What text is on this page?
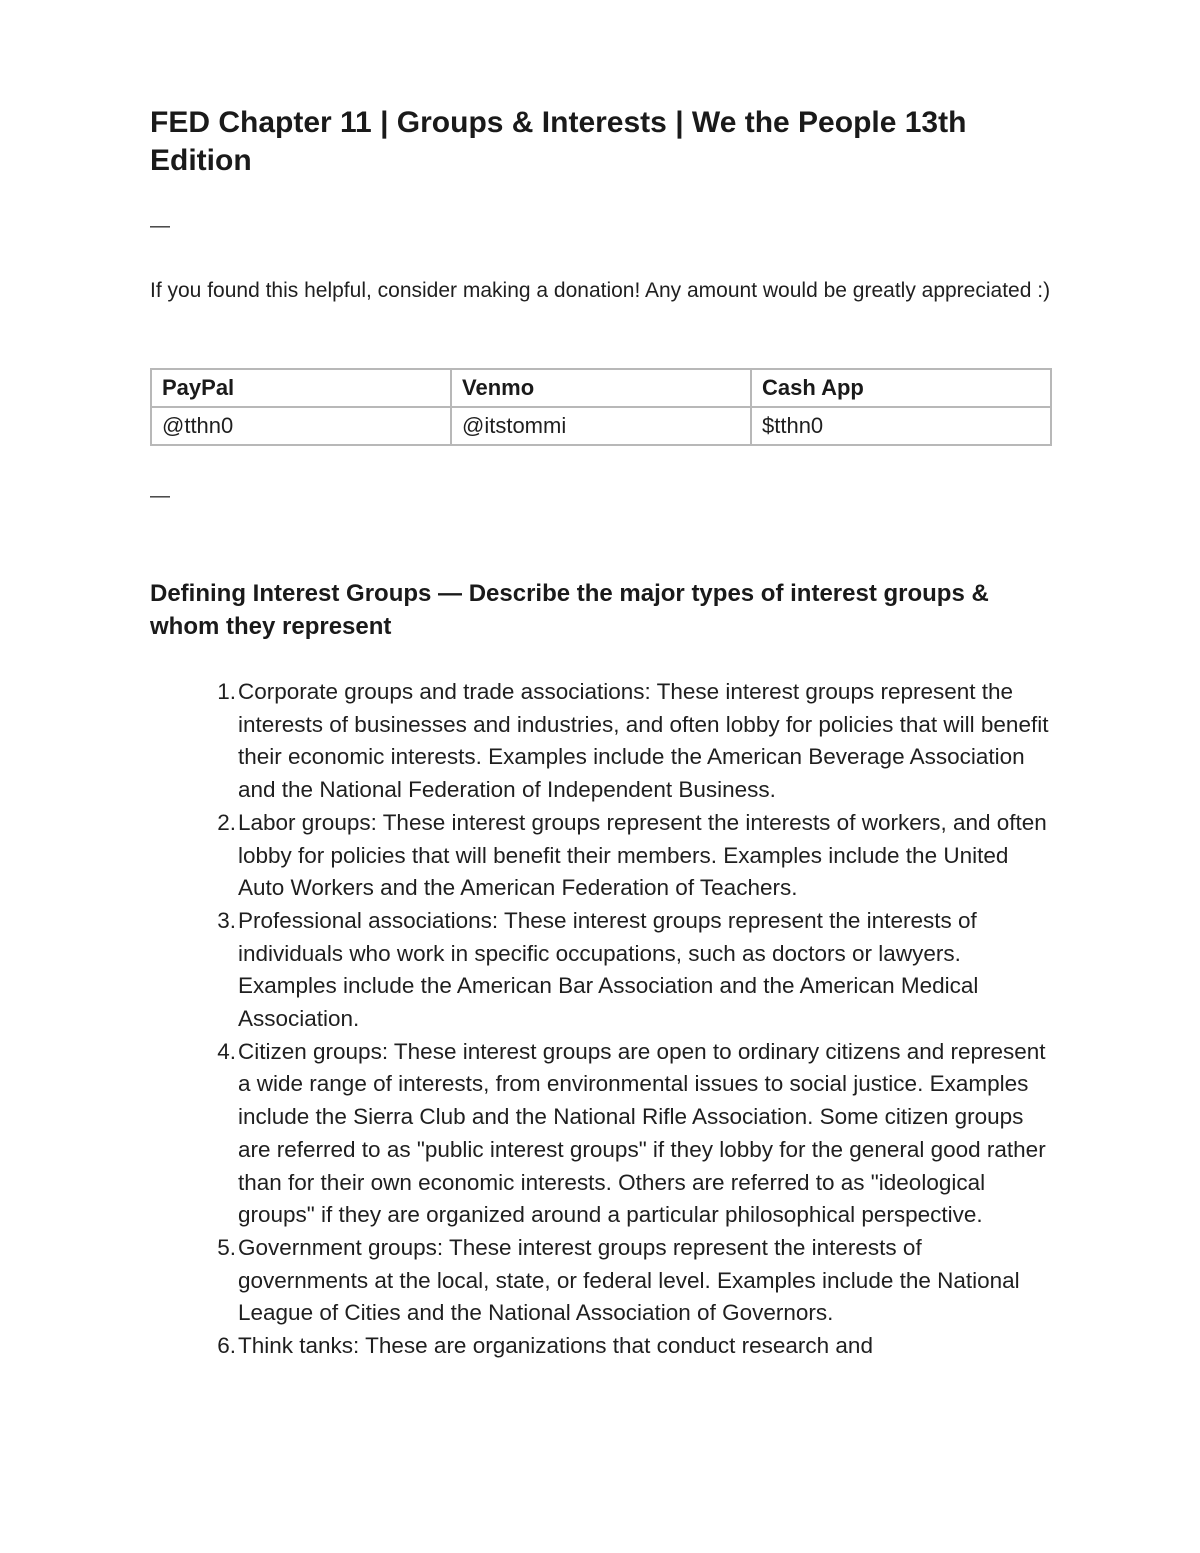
FED Chapter 11 | Groups & Interests | We the People 13th Edition
—

If you found this helpful, consider making a donation! Any amount would be greatly appreciated :)

PayPal	Venmo	Cash App
@tthn0	@itstommi	$tthn0
—
Defining Interest Groups — Describe the major types of interest groups & whom they represent
1. Corporate groups and trade associations: These interest groups represent the interests of businesses and industries, and often lobby for policies that will benefit their economic interests. Examples include the American Beverage Association and the National Federation of Independent Business.
2. Labor groups: These interest groups represent the interests of workers, and often lobby for policies that will benefit their members. Examples include the United Auto Workers and the American Federation of Teachers.
3. Professional associations: These interest groups represent the interests of individuals who work in specific occupations, such as doctors or lawyers. Examples include the American Bar Association and the American Medical Association.
4. Citizen groups: These interest groups are open to ordinary citizens and represent a wide range of interests, from environmental issues to social justice. Examples include the Sierra Club and the National Rifle Association. Some citizen groups are referred to as "public interest groups" if they lobby for the general good rather than for their own economic interests. Others are referred to as "ideological groups" if they are organized around a particular philosophical perspective.
5. Government groups: These interest groups represent the interests of governments at the local, state, or federal level. Examples include the National League of Cities and the National Association of Governors.
6. Think tanks: These are organizations that conduct research and
